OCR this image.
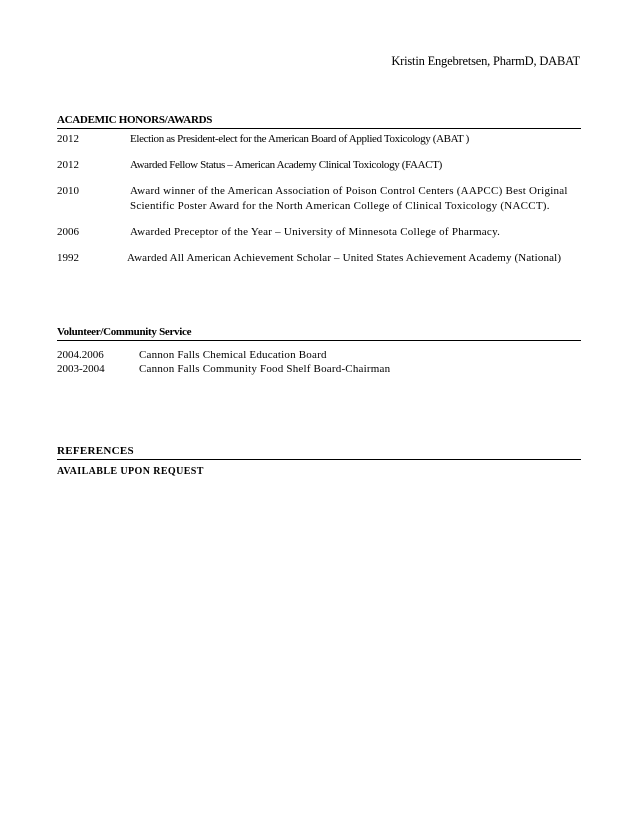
Kristin Engebretsen, PharmD, DABAT
ACADEMIC HONORS/AWARDS
2012	Election as President-elect for the American Board of Applied Toxicology (ABAT )
2012	Awarded Fellow Status – American Academy Clinical Toxicology (FAACT)
2010	Award winner of the American Association of Poison Control Centers (AAPCC) Best Original Scientific Poster Award for the North American College of Clinical Toxicology (NACCT).
2006	Awarded Preceptor of the Year – University of Minnesota College of Pharmacy.
1992	Awarded All American Achievement Scholar – United States Achievement Academy (National)
Volunteer/Community Service
2004.2006	Cannon Falls Chemical Education Board
2003-2004	Cannon Falls Community Food Shelf Board-Chairman
REFERENCES
AVAILABLE UPON REQUEST
